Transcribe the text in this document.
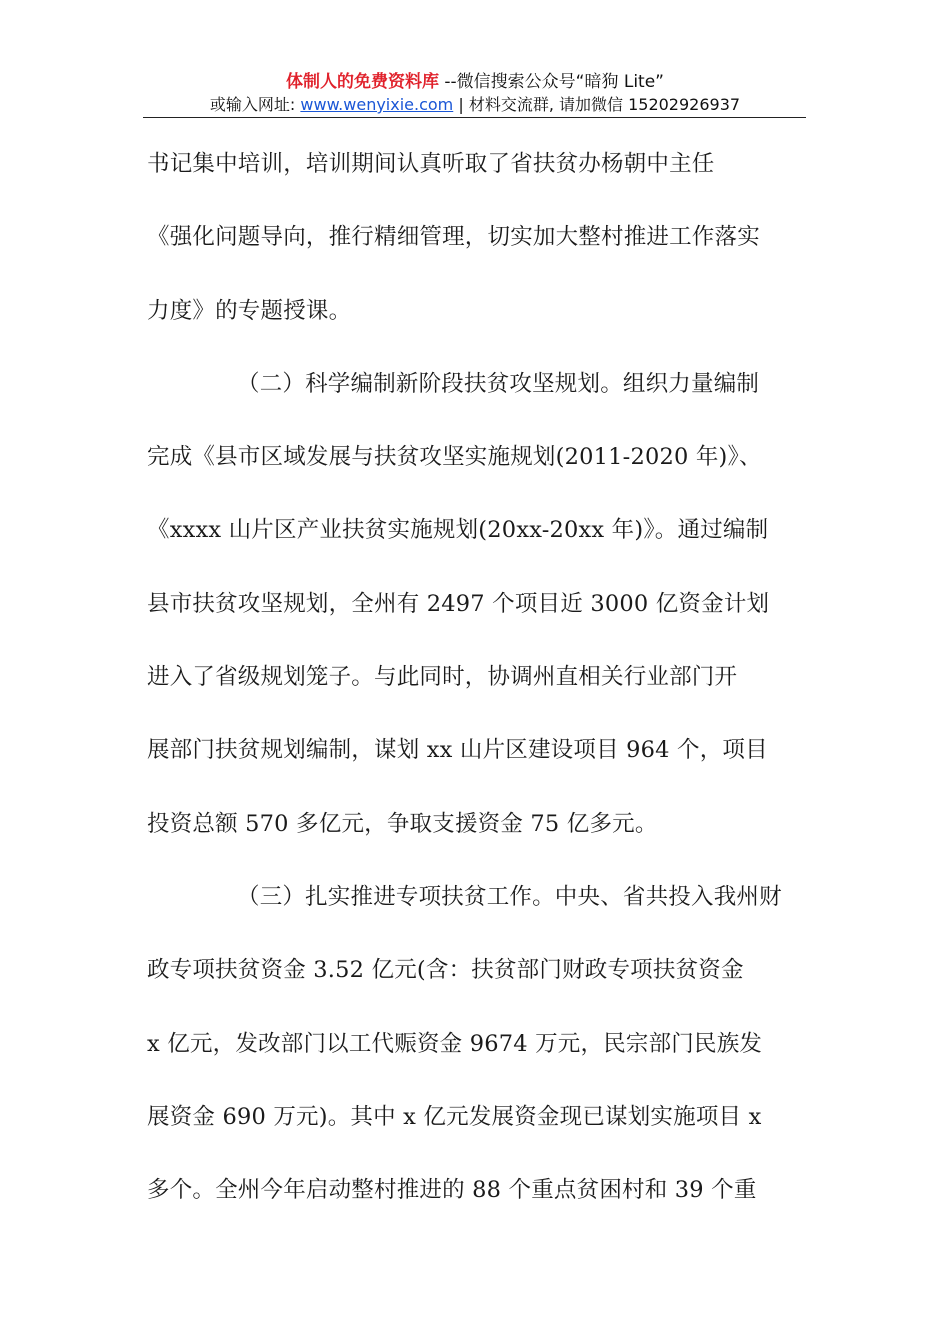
体制人的免费资料库 --微信搜索公众号“暗狗 Lite”
或输入网址: www.wenyixie.com | 材料交流群, 请加微信 15202926937
书记集中培训，培训期间认真听取了省扶贫办杨朝中主任
《强化问题导向，推行精细管理，切实加大整村推进工作落实
力度》的专题授课。
（二）科学编制新阶段扶贫攻坚规划。组织力量编制
完成《县市区域发展与扶贫攻坚实施规划(2011-2020 年)》、
《xxxx 山片区产业扶贫实施规划(20xx-20xx 年)》。通过编制
县市扶贫攻坚规划，全州有 2497 个项目近 3000 亿资金计划
进入了省级规划笼子。与此同时，协调州直相关行业部门开
展部门扶贫规划编制，谋划 xx 山片区建设项目 964 个，项目
投资总额 570 多亿元，争取支援资金 75 亿多元。
（三）扎实推进专项扶贫工作。中央、省共投入我州财
政专项扶贫资金 3.52 亿元(含：扶贫部门财政专项扶贫资金
x 亿元，发改部门以工代赈资金 9674 万元，民宗部门民族发
展资金 690 万元)。其中 x 亿元发展资金现已谋划实施项目 x
多个。全州今年启动整村推进的 88 个重点贫困村和 39 个重
